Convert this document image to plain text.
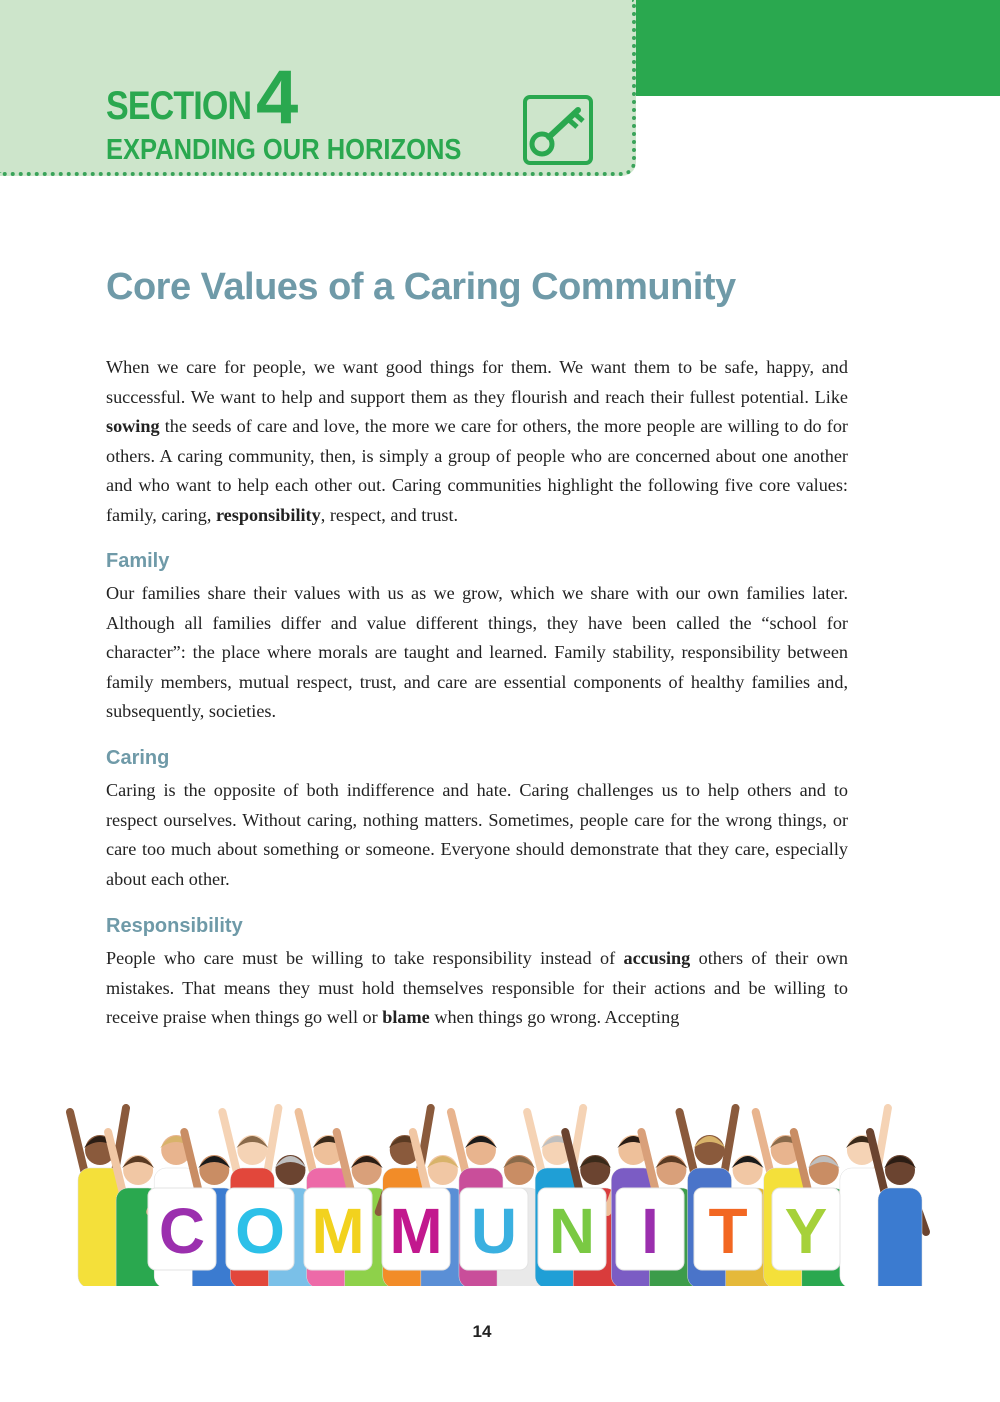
SECTION 4
EXPANDING OUR HORIZONS
Core Values of a Caring Community

When we care for people, we want good things for them. We want them to be safe, happy, and successful. We want to help and support them as they flourish and reach their fullest potential. Like sowing the seeds of care and love, the more we care for others, the more people are willing to do for others. A caring community, then, is simply a group of people who are concerned about one another and who want to help each other out. Caring communities highlight the following five core values: family, caring, responsibility, respect, and trust.

Family

Our families share their values with us as we grow, which we share with our own families later. Although all families differ and value different things, they have been called the “school for character”: the place where morals are taught and learned. Family stability, responsibility between family members, mutual respect, trust, and care are essential components of healthy families and, subsequently, societies.

Caring

Caring is the opposite of both indifference and hate. Caring challenges us to help others and to respect ourselves. Without caring, nothing matters. Sometimes, people care for the wrong things, or care too much about something or someone. Everyone should demonstrate that they care, especially about each other.

Responsibility

People who care must be willing to take responsibility instead of accusing others of their own mistakes. That means they must hold themselves responsible for their actions and be willing to receive praise when things go well or blame when things go wrong. Accepting

C O M M U N I T Y
14
